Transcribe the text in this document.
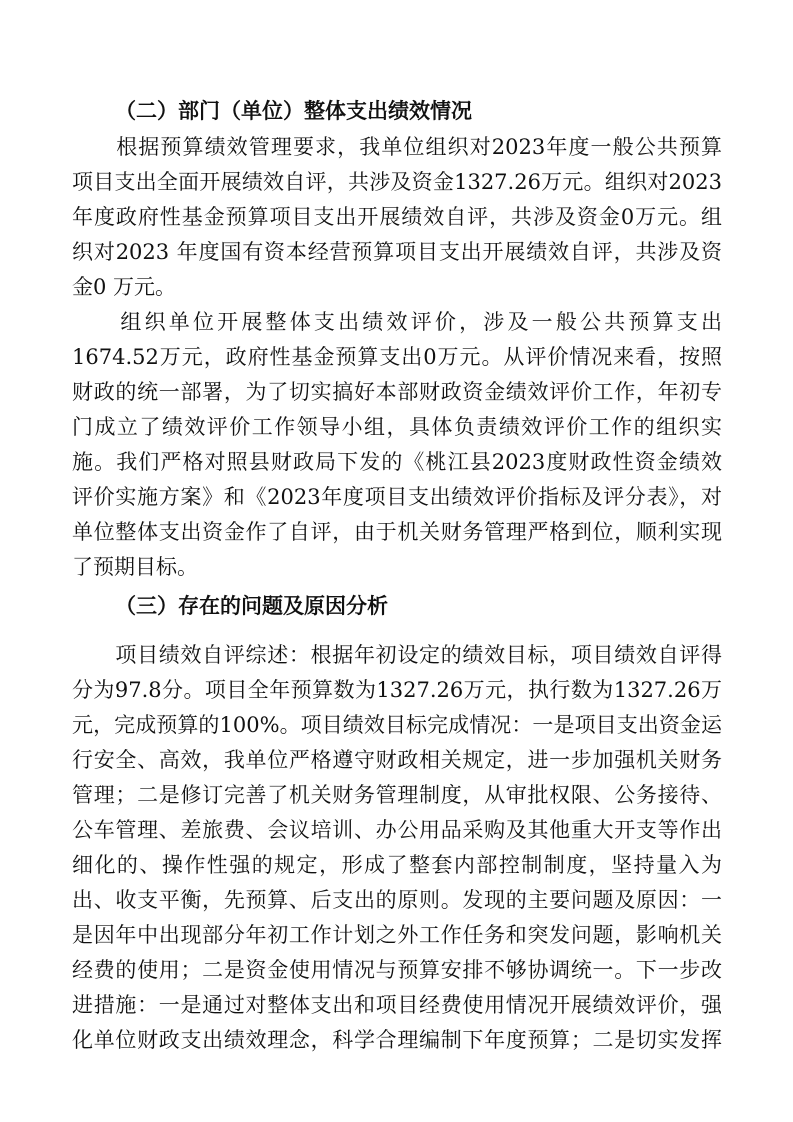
（二）部门（单位）整体支出绩效情况
　　根据预算绩效管理要求，我单位组织对2023年度一般公共预算
项目支出全面开展绩效自评，共涉及资金1327.26万元。组织对2023
年度政府性基金预算项目支出开展绩效自评，共涉及资金0万元。组
织对2023 年度国有资本经营预算项目支出开展绩效自评，共涉及资
金0 万元。
　　组织单位开展整体支出绩效评价，涉及一般公共预算支出
1674.52万元，政府性基金预算支出0万元。从评价情况来看，按照
财政的统一部署，为了切实搞好本部财政资金绩效评价工作，年初专
门成立了绩效评价工作领导小组，具体负责绩效评价工作的组织实
施。我们严格对照县财政局下发的《桃江县2023度财政性资金绩效
评价实施方案》和《2023年度项目支出绩效评价指标及评分表》，对
单位整体支出资金作了自评，由于机关财务管理严格到位，顺利实现
了预期目标。
（三）存在的问题及原因分析
　　项目绩效自评综述：根据年初设定的绩效目标，项目绩效自评得
分为97.8分。项目全年预算数为1327.26万元，执行数为1327.26万
元，完成预算的100%。项目绩效目标完成情况：一是项目支出资金运
行安全、高效，我单位严格遵守财政相关规定，进一步加强机关财务
管理；二是修订完善了机关财务管理制度，从审批权限、公务接待、
公车管理、差旅费、会议培训、办公用品采购及其他重大开支等作出
细化的、操作性强的规定，形成了整套内部控制制度，坚持量入为
出、收支平衡，先预算、后支出的原则。发现的主要问题及原因：一
是因年中出现部分年初工作计划之外工作任务和突发问题，影响机关
经费的使用；二是资金使用情况与预算安排不够协调统一。下一步改
进措施：一是通过对整体支出和项目经费使用情况开展绩效评价，强
化单位财政支出绩效理念，科学合理编制下年度预算；二是切实发挥
